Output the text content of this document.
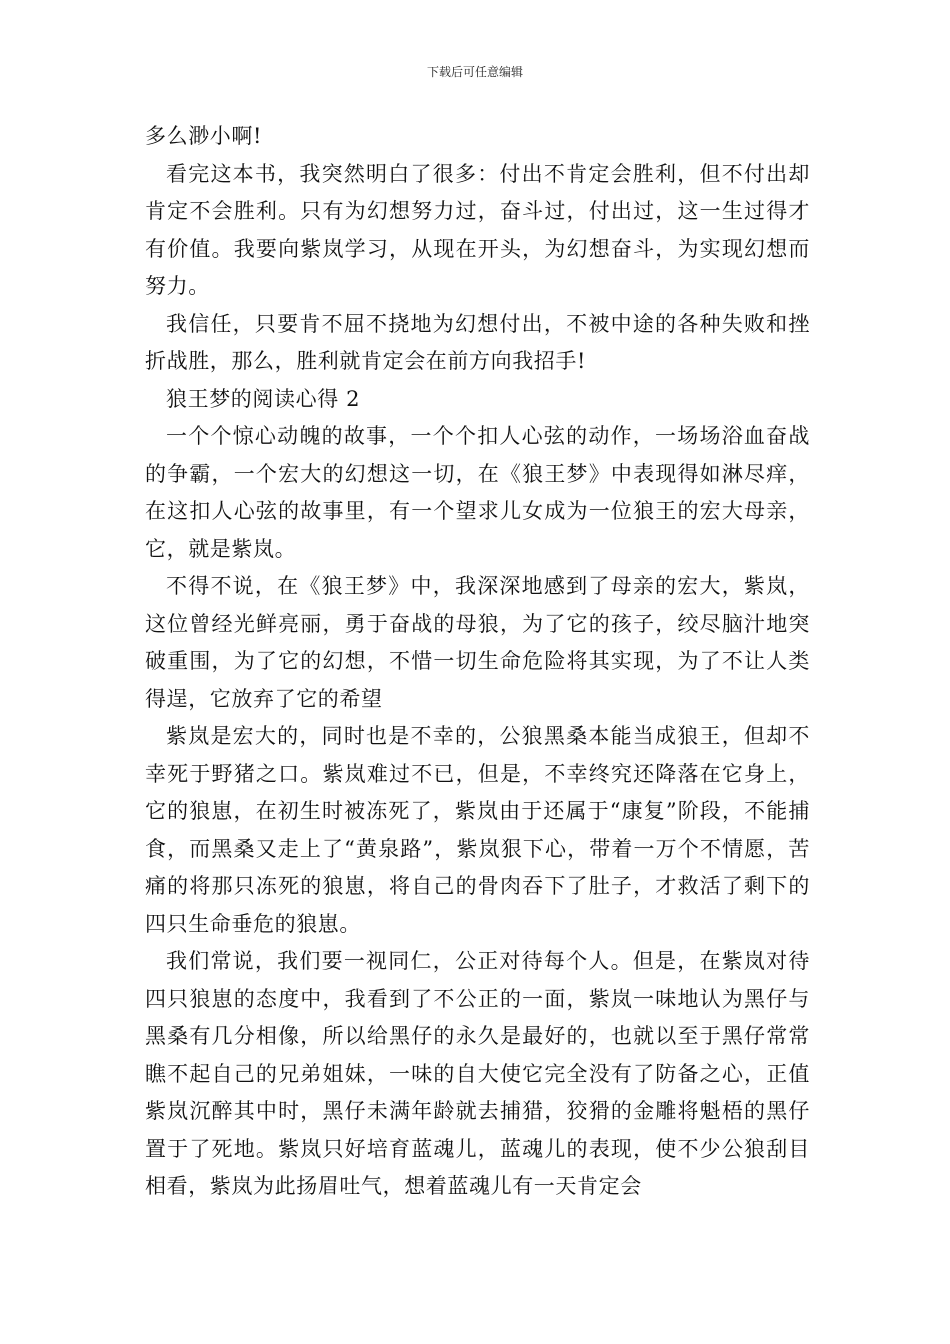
下载后可任意编辑

多么渺小啊!

看完这本书，我突然明白了很多：付出不肯定会胜利，但不付出却肯定不会胜利。只有为幻想努力过，奋斗过，付出过，这一生过得才有价值。我要向紫岚学习，从现在开头，为幻想奋斗，为实现幻想而努力。

我信任，只要肯不屈不挠地为幻想付出，不被中途的各种失败和挫折战胜，那么，胜利就肯定会在前方向我招手!

狼王梦的阅读心得 2

一个个惊心动魄的故事，一个个扣人心弦的动作，一场场浴血奋战的争霸，一个宏大的幻想这一切，在《狼王梦》中表现得如淋尽痒，在这扣人心弦的故事里，有一个望求儿女成为一位狼王的宏大母亲，它，就是紫岚。

不得不说，在《狼王梦》中，我深深地感到了母亲的宏大，紫岚，这位曾经光鲜亮丽，勇于奋战的母狼，为了它的孩子，绞尽脑汁地突破重围，为了它的幻想，不惜一切生命危险将其实现，为了不让人类得逞，它放弃了它的希望

紫岚是宏大的，同时也是不幸的，公狼黑桑本能当成狼王，但却不幸死于野猪之口。紫岚难过不已，但是，不幸终究还降落在它身上，它的狼崽，在初生时被冻死了，紫岚由于还属于“康复”阶段，不能捕食，而黑桑又走上了“黄泉路”，紫岚狠下心，带着一万个不情愿，苦痛的将那只冻死的狼崽，将自己的骨肉吞下了肚子，才救活了剩下的四只生命垂危的狼崽。

我们常说，我们要一视同仁，公正对待每个人。但是，在紫岚对待四只狼崽的态度中，我看到了不公正的一面，紫岚一味地认为黑仔与黑桑有几分相像，所以给黑仔的永久是最好的，也就以至于黑仔常常瞧不起自己的兄弟姐妹，一味的自大使它完全没有了防备之心，正值紫岚沉醉其中时，黑仔未满年龄就去捕猎，狡猾的金雕将魁梧的黑仔置于了死地。紫岚只好培育蓝魂儿，蓝魂儿的表现，使不少公狼刮目相看，紫岚为此扬眉吐气，想着蓝魂儿有一天肯定会
